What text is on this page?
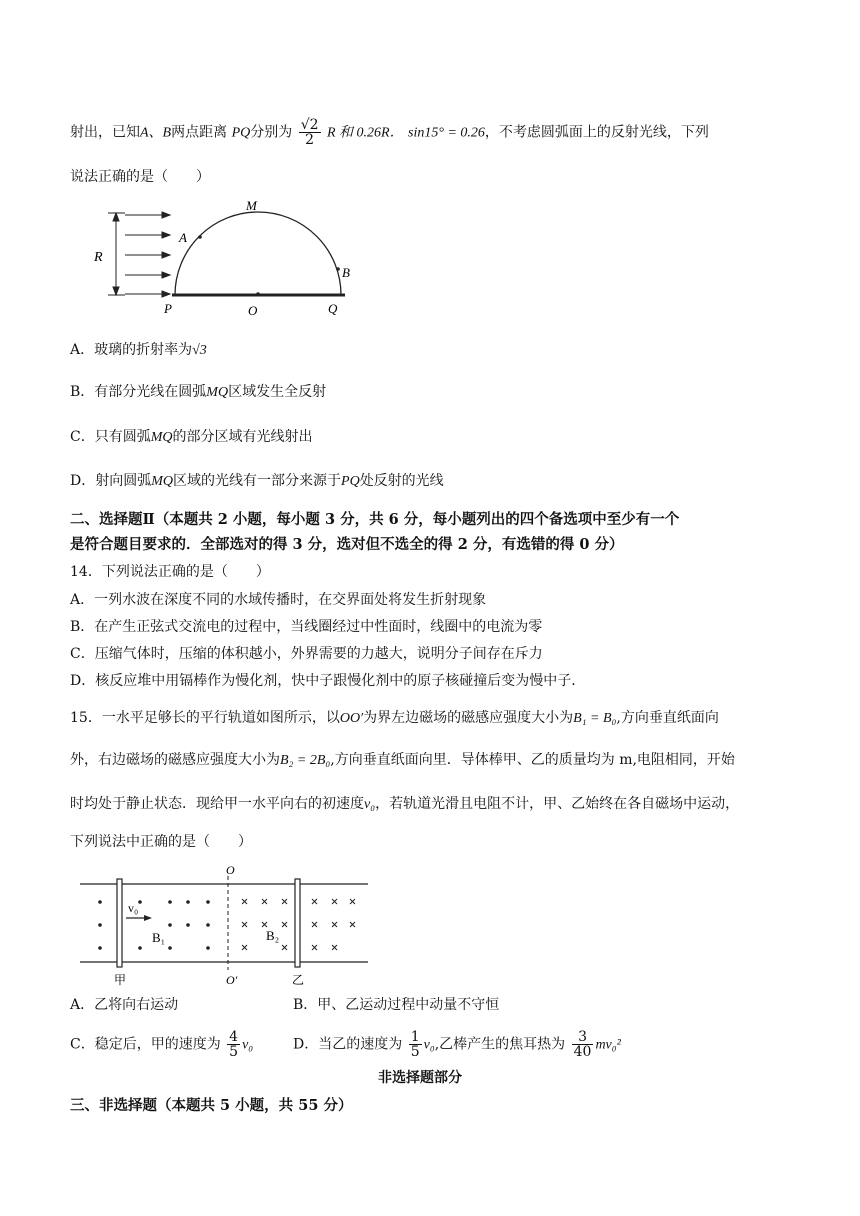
射出，已知A、B两点距离 PQ分别为 $\frac{√2}{2}$ R 和 0.26R． sin15° = 0.26，不考虑圆弧面上的反射光线，下列
说法正确的是（　　）
R
M
A
B
P	O	Q
A．玻璃的折射率为√3
B．有部分光线在圆弧MQ区域发生全反射
C．只有圆弧MQ的部分区域有光线射出
D．射向圆弧MQ区域的光线有一部分来源于PQ处反射的光线
二、选择题Ⅱ（本题共 2 小题，每小题 3 分，共 6 分，每小题列出的四个备选项中至少有一个
是符合题目要求的．全部选对的得 3 分，选对但不选全的得 2 分，有选错的得 0 分）
14．下列说法正确的是（　　）
A．一列水波在深度不同的水域传播时，在交界面处将发生折射现象
B．在产生正弦式交流电的过程中，当线圈经过中性面时，线圈中的电流为零
C．压缩气体时，压缩的体积越小，外界需要的力越大，说明分子间存在斥力
D．核反应堆中用镉棒作为慢化剂，快中子跟慢化剂中的原子核碰撞后变为慢中子.
15．一水平足够长的平行轨道如图所示，以OO′为界左边磁场的磁感应强度大小为B₁ = B₀,方向垂直纸面向
外，右边磁场的磁感应强度大小为B₂ = 2B₀,方向垂直纸面向里．导体棒甲、乙的质量均为 m,电阻相同，开始
时均处于静止状态．现给甲一水平向右的初速度v₀，若轨道光滑且电阻不计，甲、乙始终在各自磁场中运动，
下列说法中正确的是（　　）
v₀
B₁	B₂
O
O′
甲	乙
A．乙将向右运动	B．甲、乙运动过程中动量不守恒
C．稳定后，甲的速度为 $\frac{4}{5} v_0$	D．当乙的速度为 $\frac{1}{5} v_0$,乙棒产生的焦耳热为 $\frac{3}{40} mv_0^2$
非选择题部分
三、非选择题（本题共 5 小题，共 55 分）
